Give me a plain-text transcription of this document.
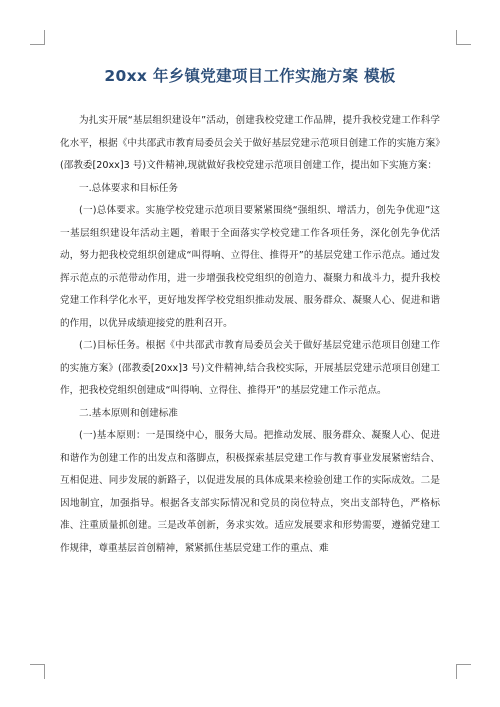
20xx 年乡镇党建项目工作实施方案 模板

为扎实开展“基层组织建设年”活动，创建我校党建工作品牌，提升我校党建工作科学化水平，根据《中共邵武市教育局委员会关于做好基层党建示范项目创建工作的实施方案》(邵教委[20xx]3 号)文件精神,现就做好我校党建示范项目创建工作，提出如下实施方案：

一.总体要求和目标任务

(一)总体要求。实施学校党建示范项目要紧紧围绕“强组织、增活力，创先争优迎”这一基层组织建设年活动主题，着眼于全面落实学校党建工作各项任务，深化创先争优活动，努力把我校党组织创建成“叫得响、立得住、推得开”的基层党建工作示范点。通过发挥示范点的示范带动作用，进一步增强我校党组织的创造力、凝聚力和战斗力，提升我校党建工作科学化水平，更好地发挥学校党组织推动发展、服务群众、凝聚人心、促进和谐的作用，以优异成绩迎接党的胜利召开。

(二)目标任务。根据《中共邵武市教育局委员会关于做好基层党建示范项目创建工作的实施方案》(邵教委[20xx]3 号)文件精神,结合我校实际，开展基层党建示范项目创建工作，把我校党组织创建成“叫得响、立得住、推得开”的基层党建工作示范点。

二.基本原则和创建标准

(一)基本原则：一是围绕中心，服务大局。把推动发展、服务群众、凝聚人心、促进和谐作为创建工作的出发点和落脚点，积极探索基层党建工作与教育事业发展紧密结合、互相促进、同步发展的新路子，以促进发展的具体成果来检验创建工作的实际成效。二是因地制宜，加强指导。根据各支部实际情况和党员的岗位特点，突出支部特色，严格标准、注重质量抓创建。三是改革创新，务求实效。适应发展要求和形势需要，遵循党建工作规律，尊重基层首创精神，紧紧抓住基层党建工作的重点、难
